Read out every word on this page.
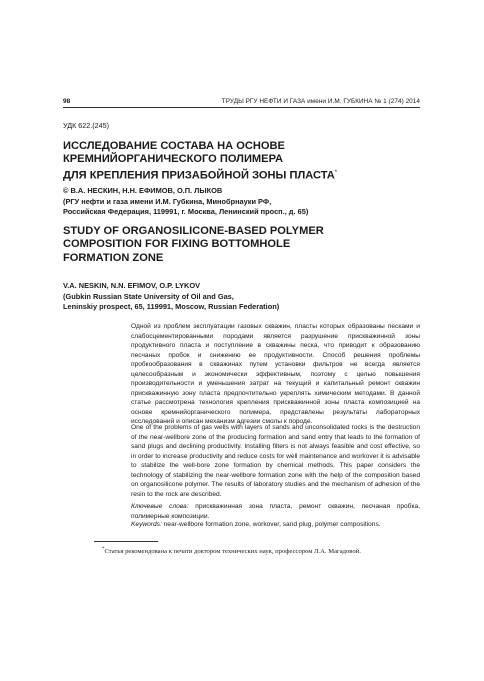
98	ТРУДЫ РГУ НЕФТИ И ГАЗА имени И.М. ГУБКИНА № 1 (274) 2014
УДК 622.(245)
ИССЛЕДОВАНИЕ СОСТАВА НА ОСНОВЕ
КРЕМНИЙОРГАНИЧЕСКОГО ПОЛИМЕРА
ДЛЯ КРЕПЛЕНИЯ ПРИЗАБОЙНОЙ ЗОНЫ ПЛАСТА*
© В.А. НЕСКИН, Н.Н. ЕФИМОВ, О.П. ЛЫКОВ
(РГУ нефти и газа имени И.М. Губкина, Минобрнауки РФ,
Российская Федерация, 119991, г. Москва, Ленинский просп., д. 65)
STUDY OF ORGANOSILICONE-BASED POLYMER
COMPOSITION FOR FIXING BOTTOMHOLE
FORMATION ZONE
V.A. NESKIN, N.N. EFIMOV, O.P. LYKOV
(Gubkin Russian State University of Oil and Gas,
Leninskiy prospect, 65, 119991, Moscow, Russian Federation)

Одной из проблем эксплуатации газовых скважин, пласты которых образованы песками и слабосцементированными породами является разрушение прискважинной зоны продуктивного пласта и поступление в скважины песка, что приводит к образованию песчаных пробок и снижению ее продуктивности. Способ решения проблемы пробкообразования в скважинах путем установки фильтров не всегда является целесообразным и экономически эффективным, поэтому с целью повышения производительности и уменьшения затрат на текущий и капитальный ремонт скважин прискважинную зону пласта предпочтительно укреплять химическим методами. В данной статье рассмотрена технология крепления прискважинной зоны пласта композицией на основе кремнийорганического полимера, представлены результаты лабораторных исследований и описан механизм адгезии смолы к породе.

One of the problems of gas wells with layers of sands and unconsolidated rocks is the destruction of the near-wellbore zone of the producing formation and sand entry that leads to the formation of sand plugs and declining productivity. Installing filters is not always feasible and cost effective, so in order to increase productivity and reduce costs for well maintenance and workover it is advisable to stabilize the well-bore zone formation by chemical methods. This paper considers the technology of stabilizing the near-wellbore formation zone with the help of the composition based on organosilicone polymer. The results of laboratory studies and the mechanism of adhesion of the resin to the rock are described.

Ключевые слова: прискважинная зона пласта, ремонт скважин, песчаная пробка, полимерные композиции.

Keywords: near-wellbore formation zone, workover, sand plug, polymer compositions.

*Статья рекомендована к печати доктором технических наук, профессором Л.А. Магадовой.
